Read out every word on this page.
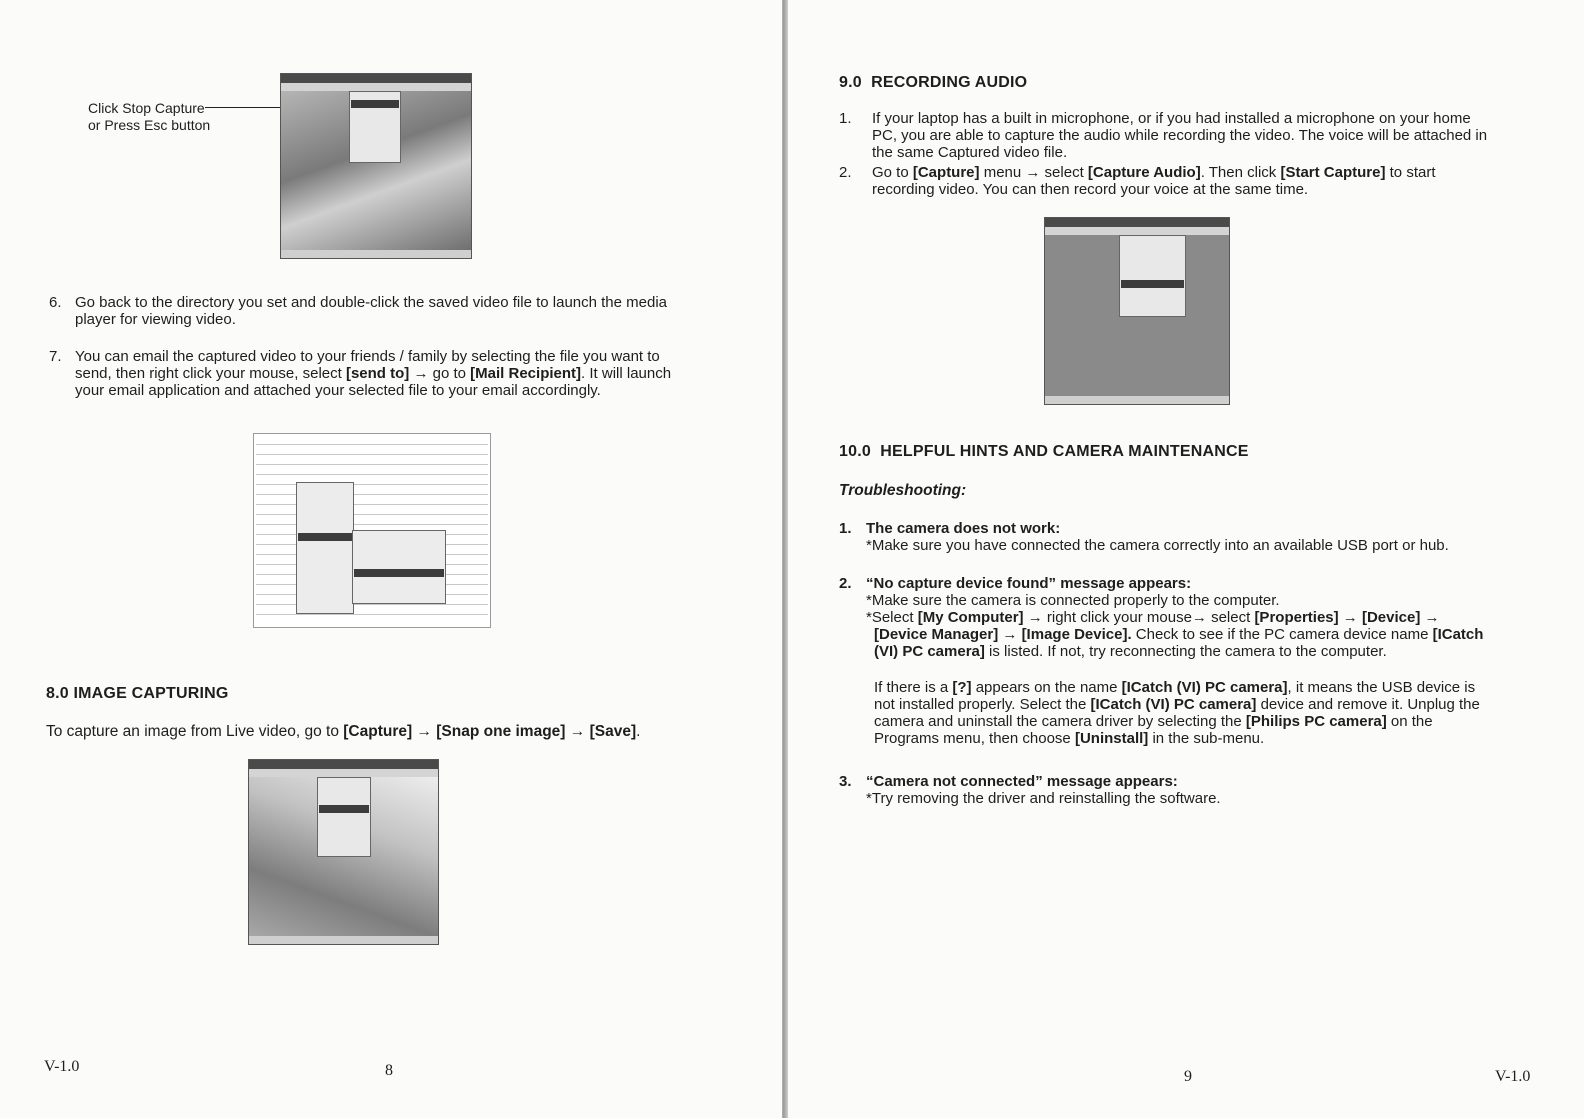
Click Stop Capture or Press Esc button
6. Go back to the directory you set and double-click the saved video file to launch the media player for viewing video.
7. You can email the captured video to your friends / family by selecting the file you want to send, then right click your mouse, select [send to] → go to [Mail Recipient]. It will launch your email application and attached your selected file to your email accordingly.
8.0 IMAGE CAPTURING
To capture an image from Live video, go to [Capture] → [Snap one image] → [Save].
V-1.0	8
9.0 RECORDING AUDIO
1. If your laptop has a built in microphone, or if you had installed a microphone on your home PC, you are able to capture the audio while recording the video. The voice will be attached in the same Captured video file.
2. Go to [Capture] menu → select [Capture Audio]. Then click [Start Capture] to start recording video. You can then record your voice at the same time.
10.0 HELPFUL HINTS AND CAMERA MAINTENANCE
Troubleshooting:
1. The camera does not work:
*Make sure you have connected the camera correctly into an available USB port or hub.
2. “No capture device found” message appears:
*Make sure the camera is connected properly to the computer.
*Select [My Computer] → right click your mouse→ select [Properties] → [Device] →
[Device Manager] → [Image Device]. Check to see if the PC camera device name [ICatch (VI) PC camera] is listed. If not, try reconnecting the camera to the computer.
If there is a [?] appears on the name [ICatch (VI) PC camera], it means the USB device is not installed properly. Select the [ICatch (VI) PC camera] device and remove it. Unplug the camera and uninstall the camera driver by selecting the [Philips PC camera] on the Programs menu, then choose [Uninstall] in the sub-menu.
3. “Camera not connected” message appears:
*Try removing the driver and reinstalling the software.
9	V-1.0
